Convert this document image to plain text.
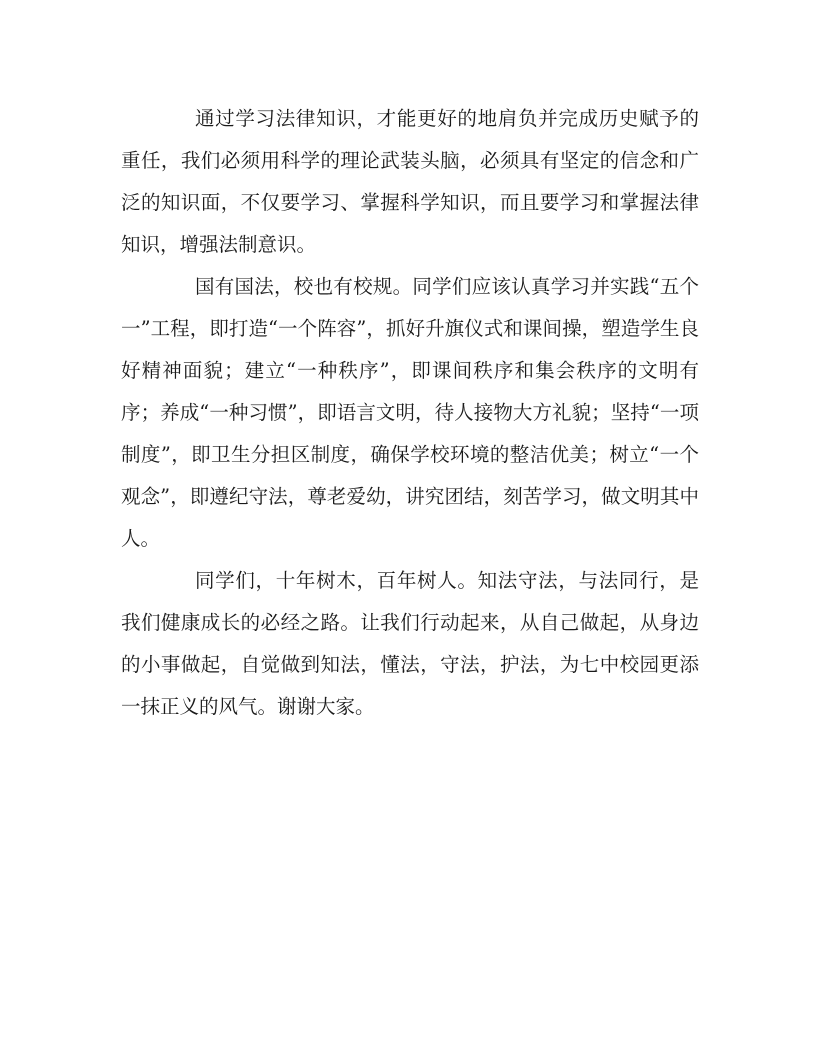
通过学习法律知识，才能更好的地肩负并完成历史赋予的重任，我们必须用科学的理论武装头脑，必须具有坚定的信念和广泛的知识面，不仅要学习、掌握科学知识，而且要学习和掌握法律知识，增强法制意识。

国有国法，校也有校规。同学们应该认真学习并实践“五个一”工程，即打造“一个阵容”，抓好升旗仪式和课间操，塑造学生良好精神面貌；建立“一种秩序”，即课间秩序和集会秩序的文明有序；养成“一种习惯”，即语言文明，待人接物大方礼貌；坚持“一项制度”，即卫生分担区制度，确保学校环境的整洁优美；树立“一个观念”，即遵纪守法，尊老爱幼，讲究团结，刻苦学习，做文明其中人。

同学们，十年树木，百年树人。知法守法，与法同行，是我们健康成长的必经之路。让我们行动起来，从自己做起，从身边的小事做起，自觉做到知法，懂法，守法，护法，为七中校园更添一抹正义的风气。谢谢大家。
